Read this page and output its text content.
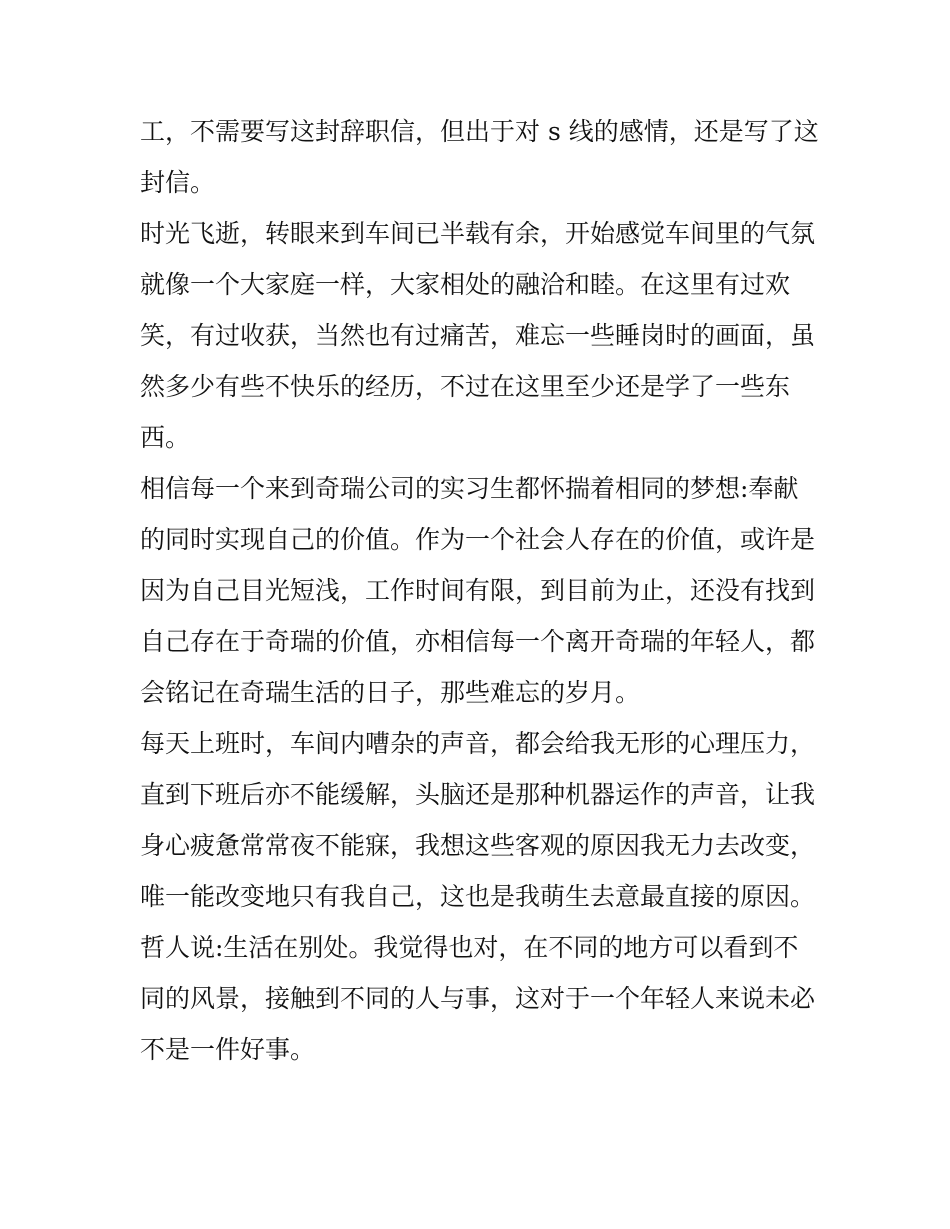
工，不需要写这封辞职信，但出于对 s 线的感情，还是写了这

封信。

时光飞逝，转眼来到车间已半载有余，开始感觉车间里的气氛

就像一个大家庭一样，大家相处的融洽和睦。在这里有过欢

笑，有过收获，当然也有过痛苦，难忘一些睡岗时的画面，虽

然多少有些不快乐的经历，不过在这里至少还是学了一些东

西。

相信每一个来到奇瑞公司的实习生都怀揣着相同的梦想:奉献

的同时实现自己的价值。作为一个社会人存在的价值，或许是

因为自己目光短浅，工作时间有限，到目前为止，还没有找到

自己存在于奇瑞的价值，亦相信每一个离开奇瑞的年轻人，都

会铭记在奇瑞生活的日子，那些难忘的岁月。

每天上班时，车间内嘈杂的声音，都会给我无形的心理压力，

直到下班后亦不能缓解，头脑还是那种机器运作的声音，让我

身心疲惫常常夜不能寐，我想这些客观的原因我无力去改变，

唯一能改变地只有我自己，这也是我萌生去意最直接的原因。

哲人说:生活在别处。我觉得也对，在不同的地方可以看到不

同的风景，接触到不同的人与事，这对于一个年轻人来说未必

不是一件好事。
